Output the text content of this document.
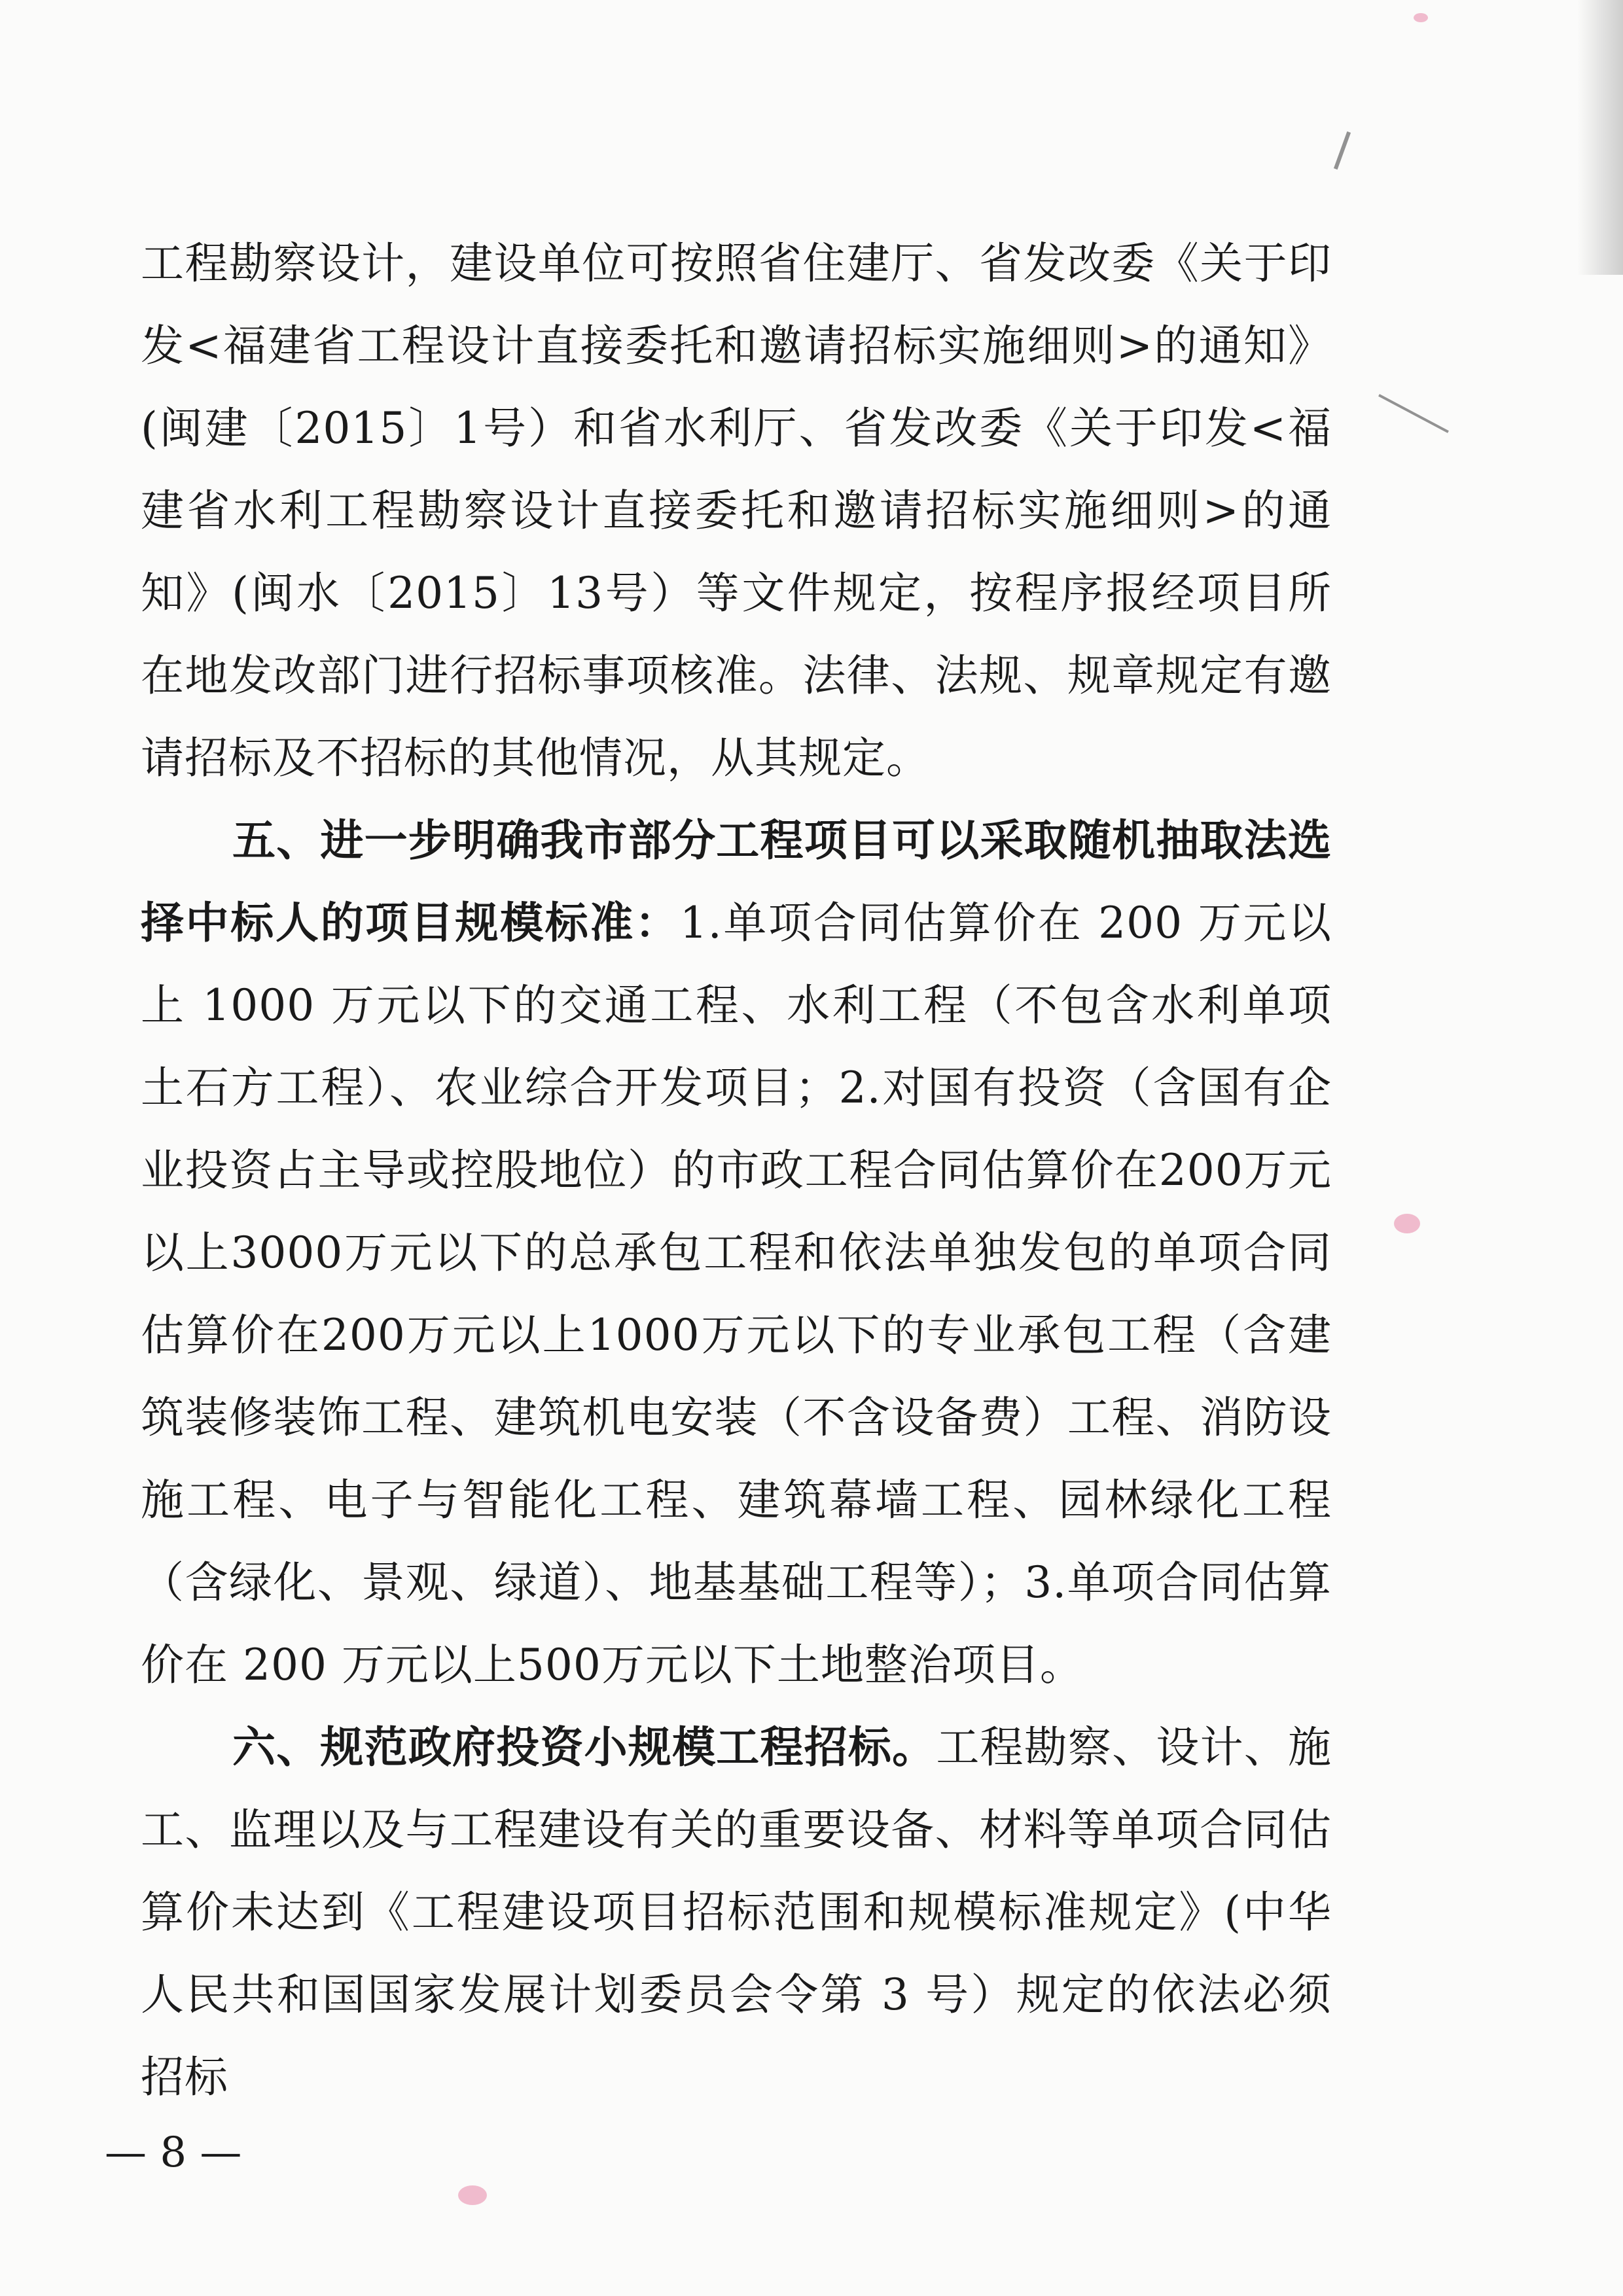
工程勘察设计，建设单位可按照省住建厅、省发改委《关于印发<福建省工程设计直接委托和邀请招标实施细则>的通知》(闽建〔2015〕1号）和省水利厅、省发改委《关于印发<福建省水利工程勘察设计直接委托和邀请招标实施细则>的通知》(闽水〔2015〕13号）等文件规定，按程序报经项目所在地发改部门进行招标事项核准。法律、法规、规章规定有邀请招标及不招标的其他情况，从其规定。

五、进一步明确我市部分工程项目可以采取随机抽取法选择中标人的项目规模标准：1.单项合同估算价在 200 万元以上 1000 万元以下的交通工程、水利工程（不包含水利单项土石方工程）、农业综合开发项目；2.对国有投资（含国有企业投资占主导或控股地位）的市政工程合同估算价在200万元以上3000万元以下的总承包工程和依法单独发包的单项合同估算价在200万元以上1000万元以下的专业承包工程（含建筑装修装饰工程、建筑机电安装（不含设备费）工程、消防设施工程、电子与智能化工程、建筑幕墙工程、园林绿化工程（含绿化、景观、绿道）、地基基础工程等）；3.单项合同估算价在 200 万元以上500万元以下土地整治项目。

六、规范政府投资小规模工程招标。工程勘察、设计、施工、监理以及与工程建设有关的重要设备、材料等单项合同估算价未达到《工程建设项目招标范围和规模标准规定》(中华人民共和国国家发展计划委员会令第 3 号）规定的依法必须招标

— 8 —
